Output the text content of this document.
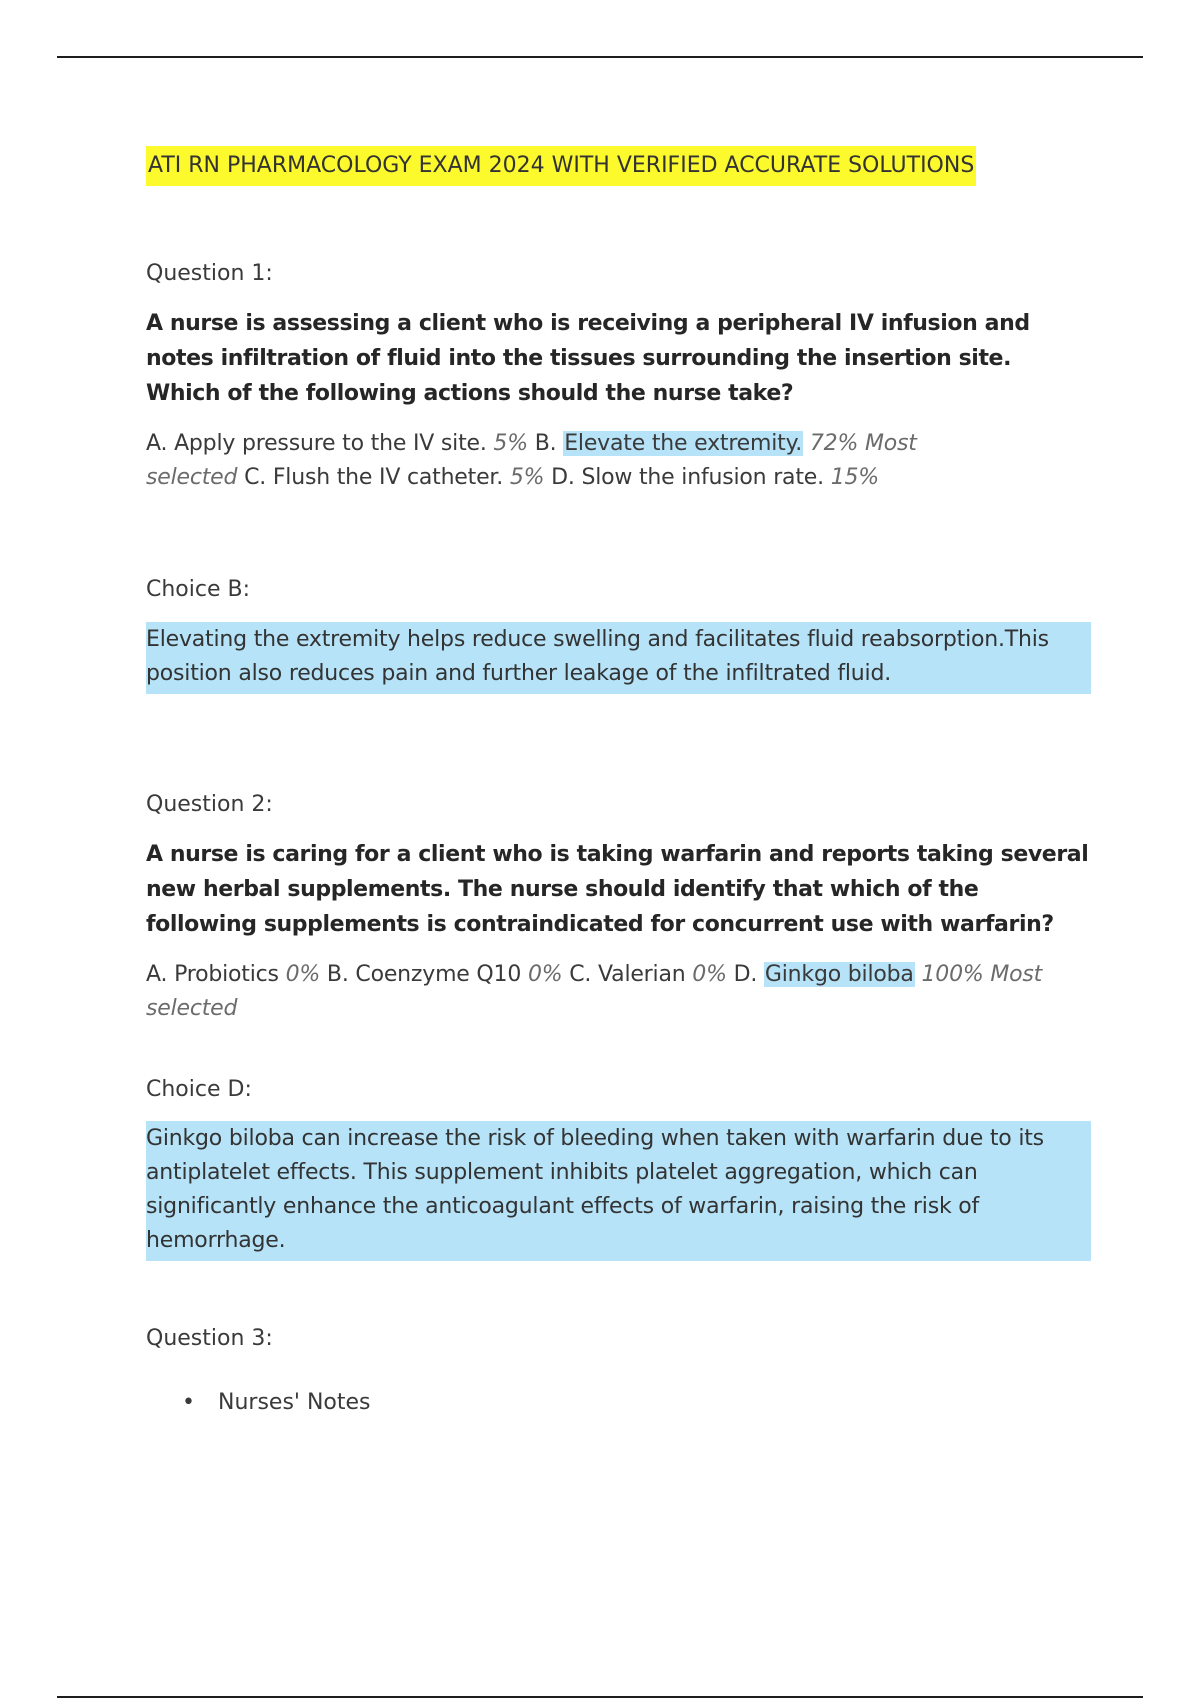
ATI RN PHARMACOLOGY EXAM 2024 WITH VERIFIED ACCURATE SOLUTIONS
Question 1:
A nurse is assessing a client who is receiving a peripheral IV infusion and notes infiltration of fluid into the tissues surrounding the insertion site. Which of the following actions should the nurse take?
A. Apply pressure to the IV site. 5% B. Elevate the extremity. 72% Most selected C. Flush the IV catheter. 5% D. Slow the infusion rate. 15%
Choice B:
Elevating the extremity helps reduce swelling and facilitates fluid reabsorption.This position also reduces pain and further leakage of the infiltrated fluid.
Question 2:
A nurse is caring for a client who is taking warfarin and reports taking several new herbal supplements. The nurse should identify that which of the following supplements is contraindicated for concurrent use with warfarin?
A. Probiotics 0% B. Coenzyme Q10 0% C. Valerian 0% D. Ginkgo biloba 100% Most selected
Choice D:
Ginkgo biloba can increase the risk of bleeding when taken with warfarin due to its antiplatelet effects. This supplement inhibits platelet aggregation, which can significantly enhance the anticoagulant effects of warfarin, raising the risk of hemorrhage.
Question 3:
• Nurses' Notes
